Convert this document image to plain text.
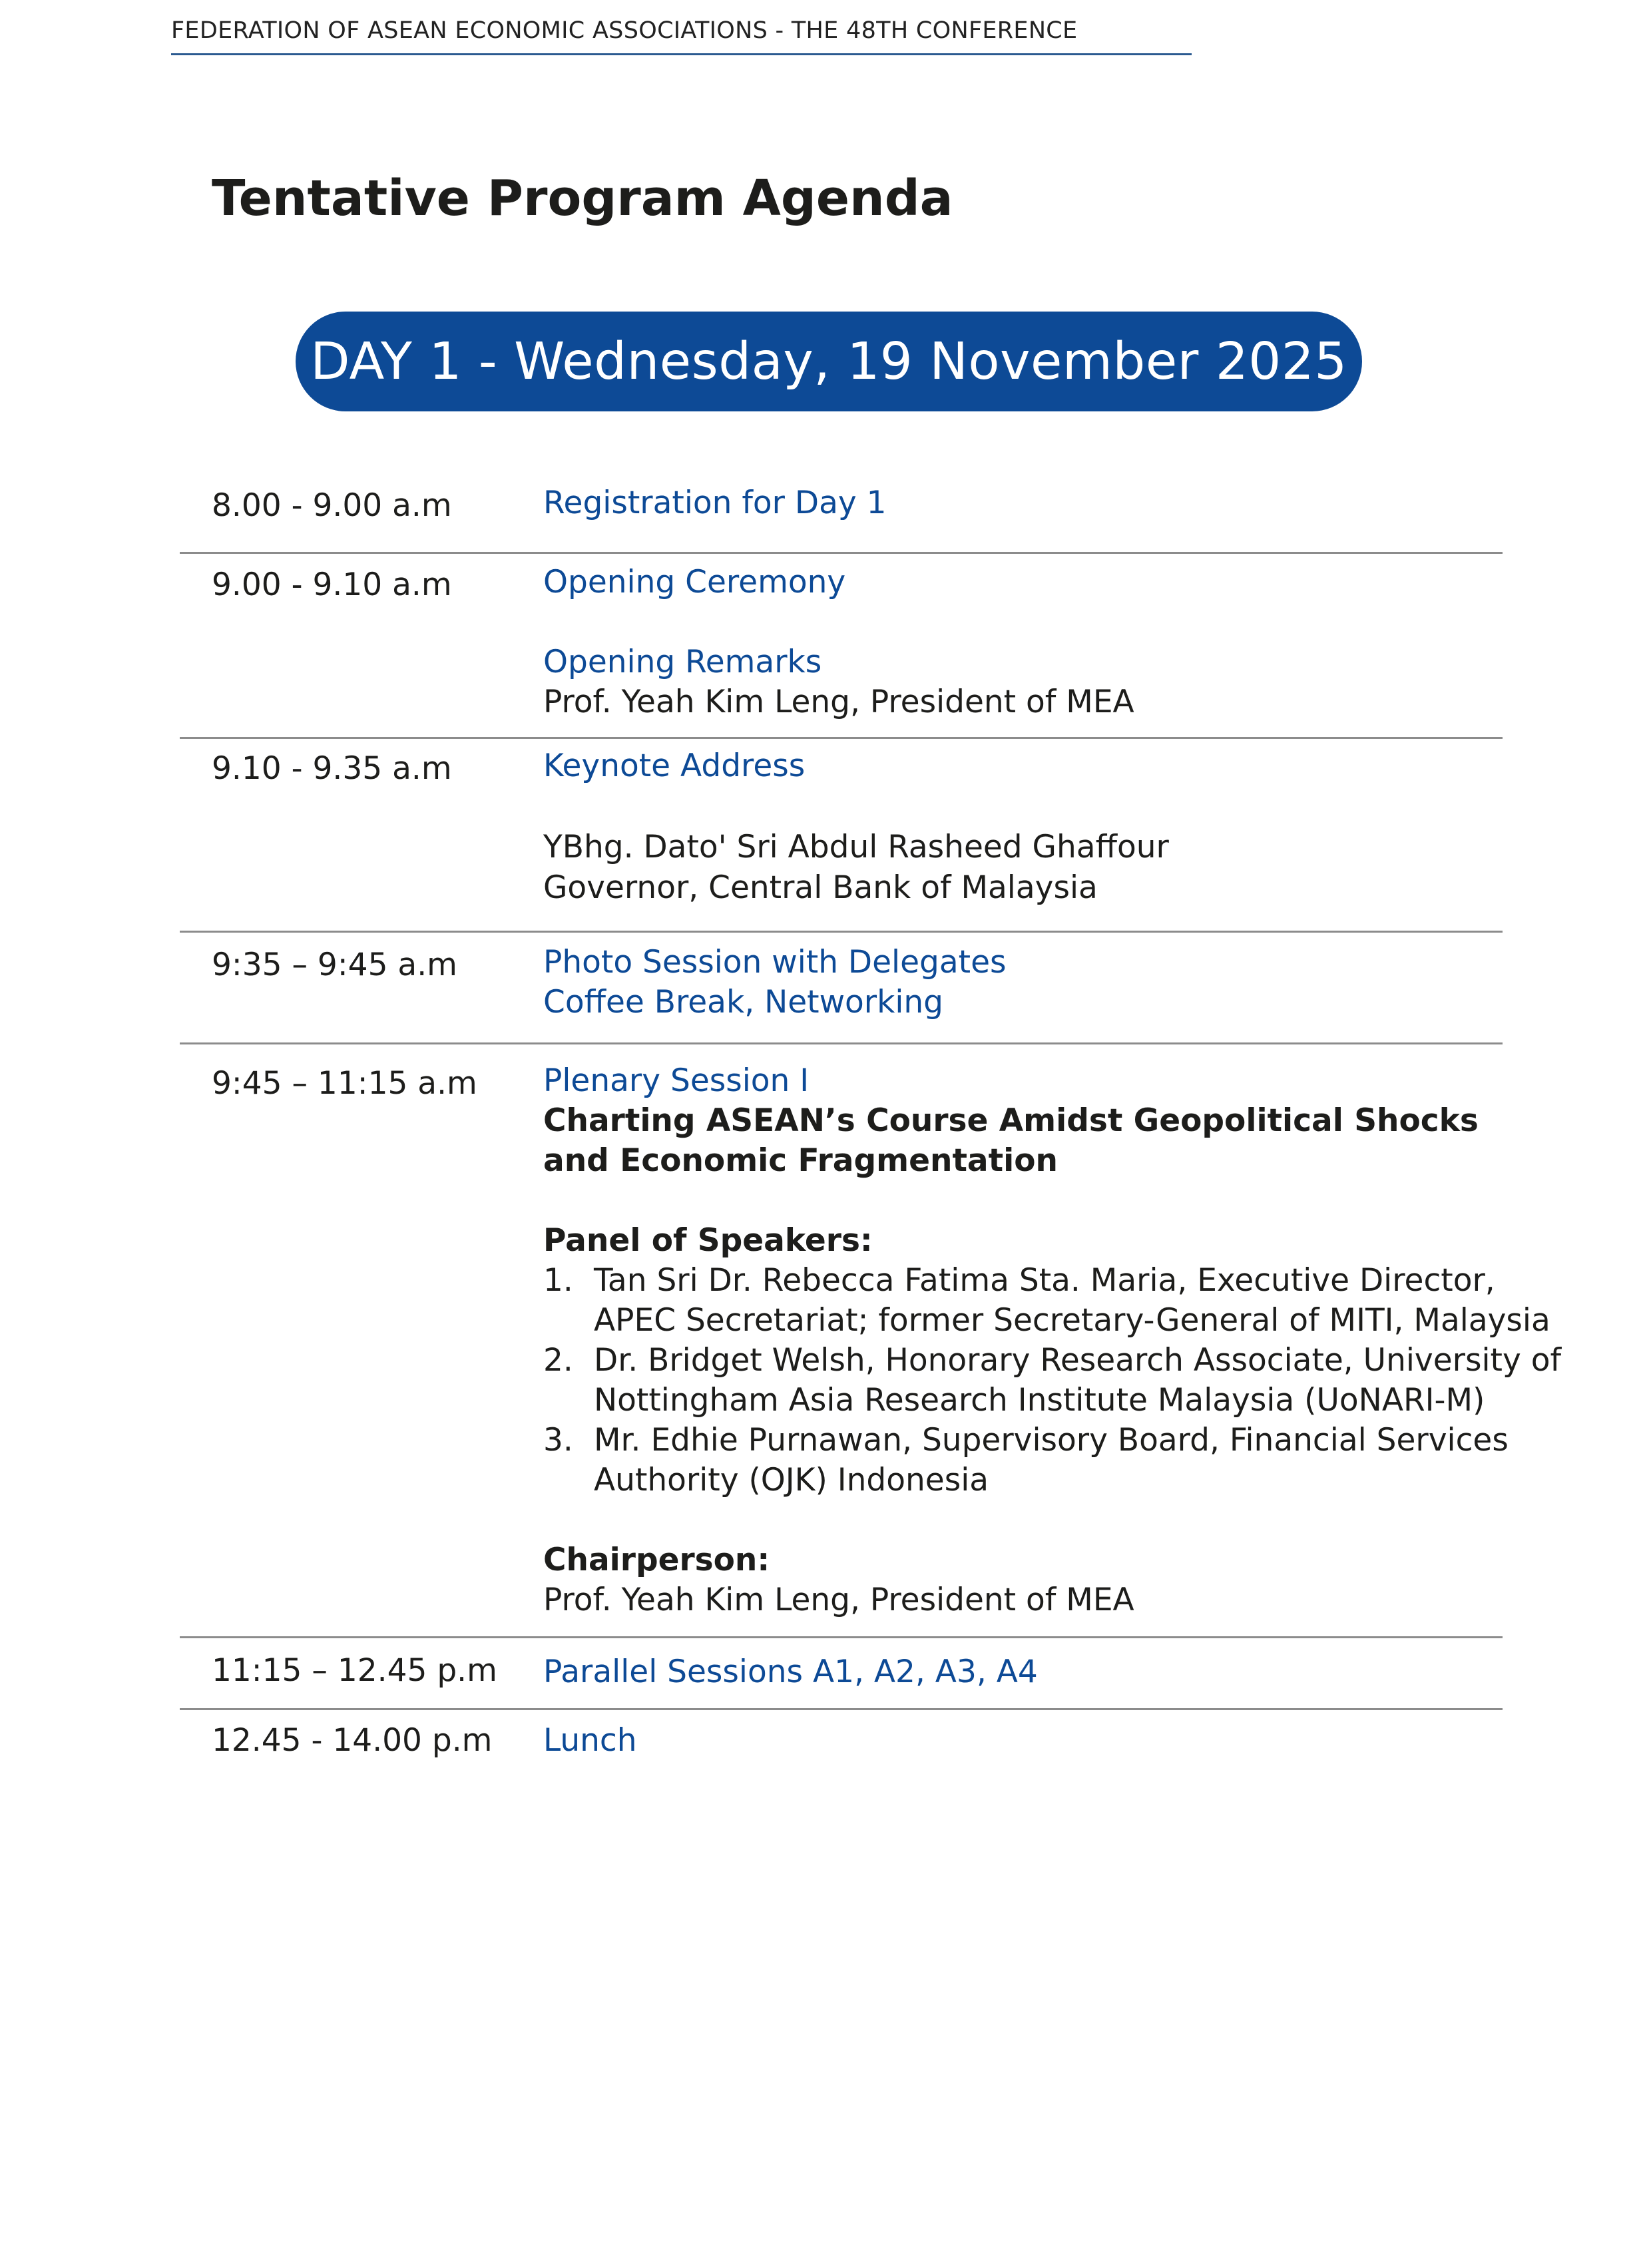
FEDERATION OF ASEAN ECONOMIC ASSOCIATIONS - THE 48TH CONFERENCE
Tentative Program Agenda
DAY 1 - Wednesday, 19 November 2025
8.00 - 9.00 a.m	Registration for Day 1
9.00 - 9.10 a.m	Opening Ceremony
Opening Remarks
Prof. Yeah Kim Leng, President of MEA
9.10 - 9.35 a.m	Keynote Address
YBhg. Dato' Sri Abdul Rasheed Ghaffour
Governor, Central Bank of Malaysia
9:35 – 9:45 a.m	Photo Session with Delegates
Coffee Break, Networking
9:45 – 11:15 a.m Plenary Session I
Charting ASEAN’s Course Amidst Geopolitical Shocks
and Economic Fragmentation
Panel of Speakers:
1. Tan Sri Dr. Rebecca Fatima Sta. Maria, Executive Director,
APEC Secretariat; former Secretary-General of MITI, Malaysia
2. Dr. Bridget Welsh, Honorary Research Associate, University of
Nottingham Asia Research Institute Malaysia (UoNARI-M)
3. Mr. Edhie Purnawan, Supervisory Board, Financial Services
Authority (OJK) Indonesia
Chairperson:
Prof. Yeah Kim Leng, President of MEA
11:15 – 12.45 p.m Parallel Sessions A1, A2, A3, A4
12.45 - 14.00 p.m Lunch
